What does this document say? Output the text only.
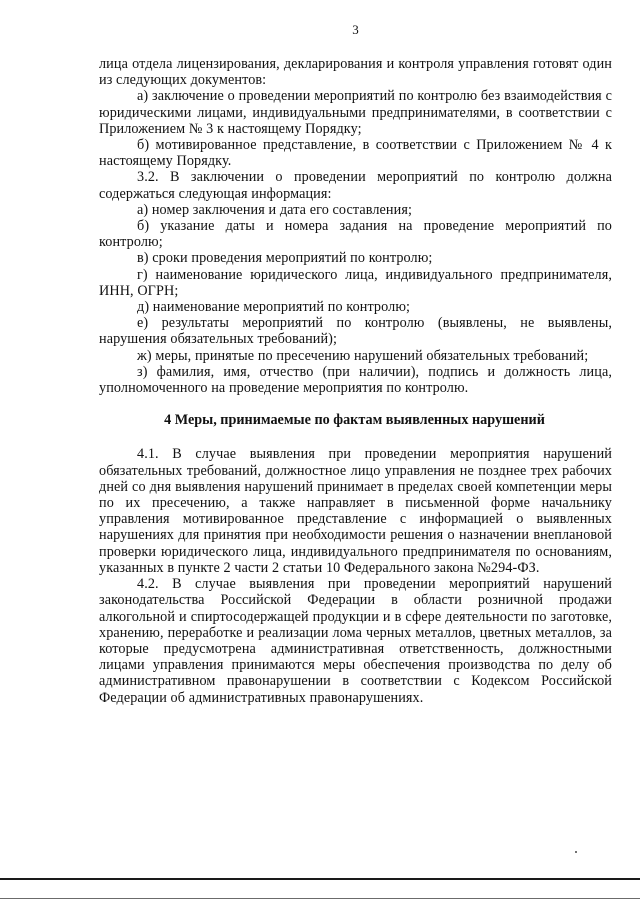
3

лица отдела лицензирования, декларирования и контроля управления готовят один из следующих документов:

а) заключение о проведении мероприятий по контролю без взаимодействия с юридическими лицами, индивидуальными предпринимателями, в соответствии с Приложением № 3 к настоящему Порядку;

б) мотивированное представление, в соответствии с Приложением № 4 к настоящему Порядку.

3.2. В заключении о проведении мероприятий по контролю должна содержаться следующая информация:

а) номер заключения и дата его составления;

б) указание даты и номера задания на проведение мероприятий по контролю;

в) сроки проведения мероприятий по контролю;

г) наименование юридического лица, индивидуального предпринимателя, ИНН, ОГРН;

д) наименование мероприятий по контролю;

е) результаты мероприятий по контролю (выявлены, не выявлены, нарушения обязательных требований);

ж) меры, принятые по пресечению нарушений обязательных требований;

з) фамилия, имя, отчество (при наличии), подпись и должность лица, уполномоченного на проведение мероприятия по контролю.

4 Меры, принимаемые по фактам выявленных нарушений

4.1. В случае выявления при проведении мероприятия нарушений обязательных требований, должностное лицо управления не позднее трех рабочих дней со дня выявления нарушений принимает в пределах своей компетенции меры по их пресечению, а также направляет в письменной форме начальнику управления мотивированное представление с информацией о выявленных нарушениях для принятия при необходимости решения о назначении внеплановой проверки юридического лица, индивидуального предпринимателя по основаниям, указанных в пункте 2 части 2 статьи 10 Федерального закона №294-ФЗ.

4.2. В случае выявления при проведении мероприятий нарушений законодательства Российской Федерации в области розничной продажи алкогольной и спиртосодержащей продукции и в сфере деятельности по заготовке, хранению, переработке и реализации лома черных металлов, цветных металлов, за которые предусмотрена административная ответственность, должностными лицами управления принимаются меры обеспечения производства по делу об административном правонарушении в соответствии с Кодексом Российской Федерации об административных правонарушениях.
